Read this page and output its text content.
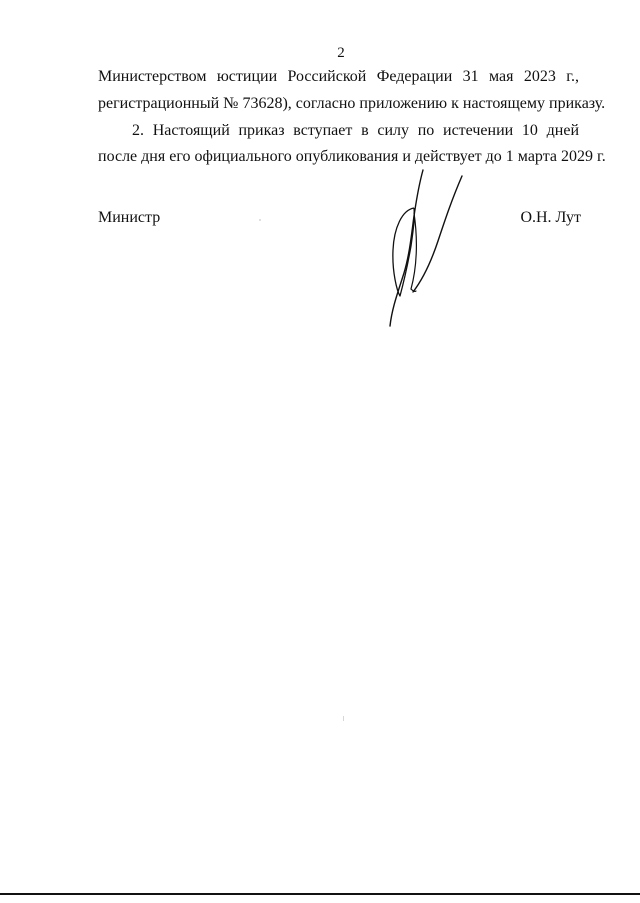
2
Министерством юстиции Российской Федерации 31 мая 2023 г.,
регистрационный № 73628), согласно приложению к настоящему приказу.
2. Настоящий приказ вступает в силу по истечении 10 дней
после дня его официального опубликования и действует до 1 марта 2029 г.
Министр	О.Н. Лут
